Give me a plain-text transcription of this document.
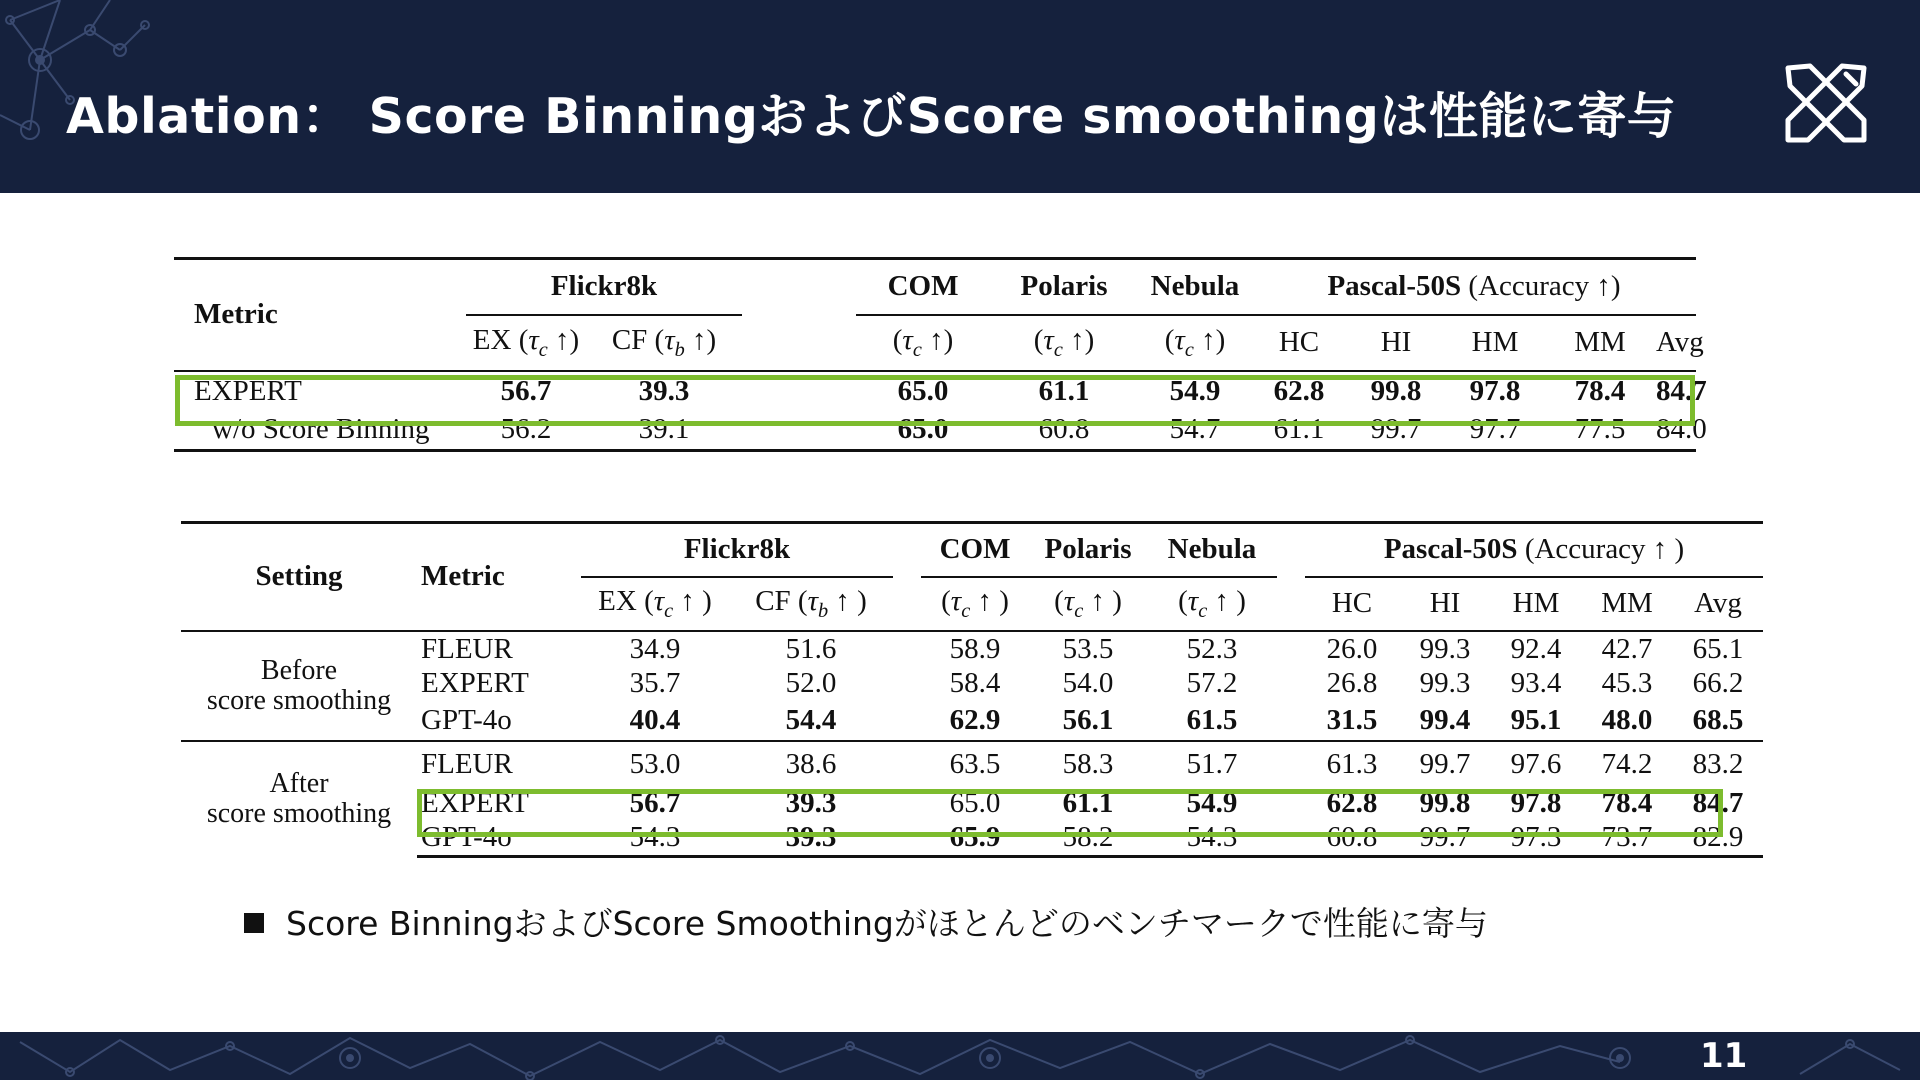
Ablation： Score BinningおよびScore smoothingは性能に寄与
Metric	Flickr8k			COM	Polaris	Nebula	Pascal-50S (Accuracy ↑)				
	EX ($\tau_c$ ↑)	CF ($\tau_b$ ↑)		($\tau_c$ ↑)	($\tau_c$ ↑)	($\tau_c$ ↑)	HC	HI	HM	MM	Avg
EXPERT	56.7	39.3		65.0	61.1	54.9	62.8	99.8	97.8	78.4	84.7
w/o Score Binning	56.2	39.1		65.0	60.8	54.7	61.1	99.7	97.7	77.5	84.0
Setting	Metric	Flickr8k			COM	Polaris	Nebula		Pascal-50S (Accuracy ↑ )				
		EX ($\tau_c$ ↑ )	CF ($\tau_b$ ↑ )		($\tau_c$ ↑ )	($\tau_c$ ↑ )	($\tau_c$ ↑ )		HC	HI	HM	MM	Avg
Before
score smoothing	FLEUR	34.9	51.6		58.9	53.5	52.3		26.0	99.3	92.4	42.7	65.1
	EXPERT	35.7	52.0		58.4	54.0	57.2		26.8	99.3	93.4	45.3	66.2
	GPT-4o	40.4	54.4		62.9	56.1	61.5		31.5	99.4	95.1	48.0	68.5
After
score smoothing	FLEUR	53.0	38.6		63.5	58.3	51.7		61.3	99.7	97.6	74.2	83.2
	EXPERT	56.7	39.3		65.0	61.1	54.9		62.8	99.8	97.8	78.4	84.7
	GPT-4o	54.3	39.3		65.9	58.2	54.3		60.8	99.7	97.3	73.7	82.9

Score BinningおよびScore Smoothingがほとんどのベンチマークで性能に寄与

11
